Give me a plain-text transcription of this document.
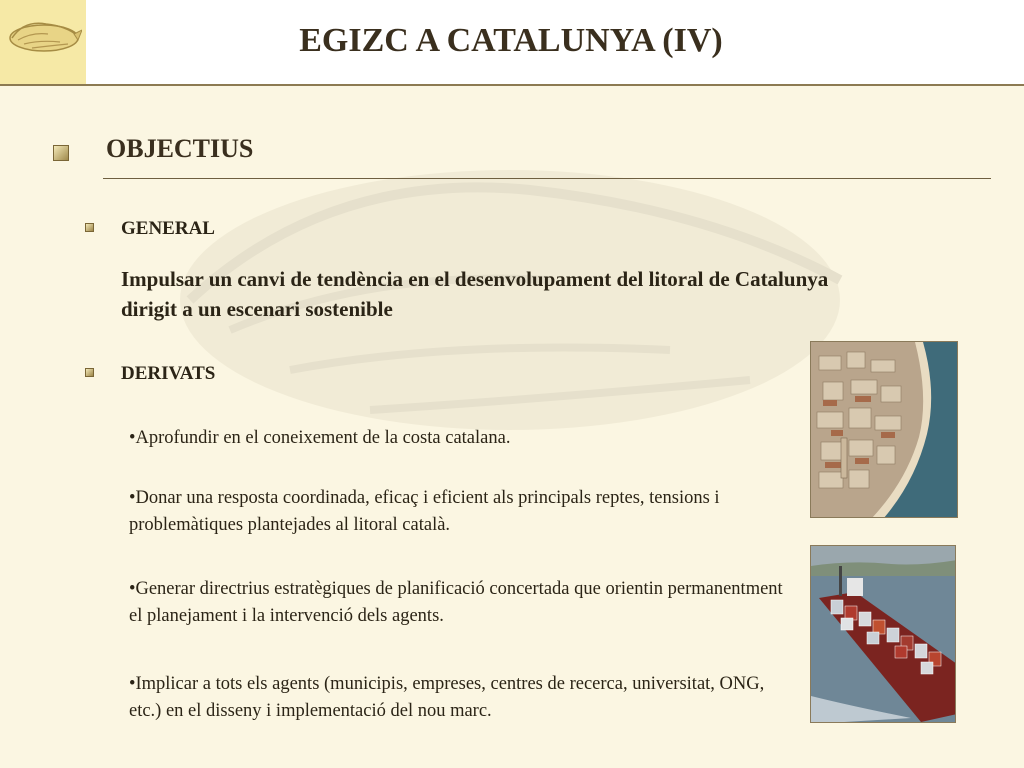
EGIZC A CATALUNYA (IV)
OBJECTIUS
GENERAL
Impulsar un canvi de tendència en el desenvolupament del litoral de Catalunya dirigit a un escenari sostenible
DERIVATS
•Aprofundir en el coneixement de la costa catalana.
•Donar una resposta coordinada, eficaç i eficient als principals reptes, tensions i problemàtiques plantejades al litoral català.
•Generar directrius estratègiques de planificació concertada que orientin permanentment el planejament i la intervenció dels agents.
•Implicar a tots els agents (municipis, empreses, centres de recerca, universitat, ONG, etc.) en el disseny i implementació del nou marc.
